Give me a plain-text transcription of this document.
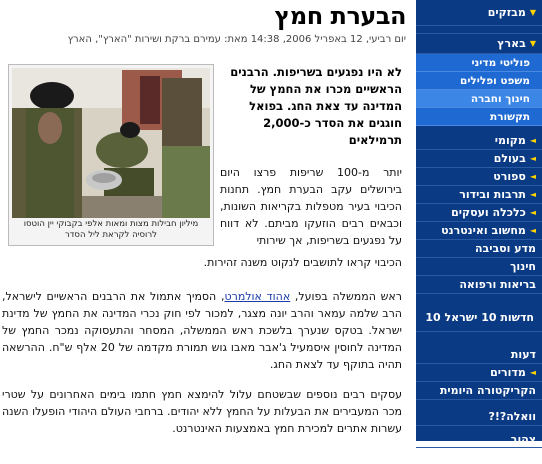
הבערת חמץ
יום רביעי, 12 באפריל 2006, 14:38 מאת: עמירם ברקת ושירות "הארץ", הארץ
לא היו נפגעים בשריפות. הרבנים הראשיים מכרו את החמץ של המדינה עד צאת החג. בפואל חוגגים את הסדר כ-2,000 תרמילאים
יותר מ-100 שריפות פרצו היום בירושלים עקב הבערת חמץ. תחנות הכיבוי בעיר מטפלות בקריאות השונות, וכבאים רבים הוזעקו מביתם. לא דווח על נפגעים בשריפות, אך שירותי
הכיבוי קראו לתושבים לנקוט משנה זהירות.
ראש הממשלה בפועל, אהוד אולמרט, הסמיך אתמול את הרבנים הראשיים לישראל, הרב שלמה עמאר והרב יונה מצגר, למכור לפי חוק נכרי המדינה את החמץ של מדינת ישראל. בטקס שנערך בלשכת ראש הממשלה, המסחר והתעסוקה נמכר החמץ של המדינה לחוסין איסמעיל ג'אבר מאבו גוש תמורת מקדמה של 20 אלף ש"ח. ההרשאה תהיה בתוקף עד לצאת החג.
עסקים רבים נוספים שבשטחם עלול להימצא חמץ חתמו בימים האחרונים על שטרי מכר המעבירים את הבעלות על החמץ ללא יהודים. ברחבי העולם היהודי הופעלו השנה עשרות אתרים למכירת חמץ באמצעות האינטרנט.
מיליון חבילות מצות ומאות אלפי בקבוקי יין הוטסו לרוסיה לקראת ליל הסדר
▼
מבזקים
▼
בארץ
פוליטי מדיני
משפט ופלילים
חינוך וחברה
תקשורת
◄
מקומי
◄
בעולם
◄
ספורט
◄
תרבות ובידור
◄
כלכלה ועסקים
◄
מחשוב ואינטרנט
מדע וסביבה
חינוך
בריאות ורפואה
חדשות 10 ישראל 10
דעות
◄
מדורים
הקריקטורה היומית
וואלה?!?
צהוב
תמונת היום
